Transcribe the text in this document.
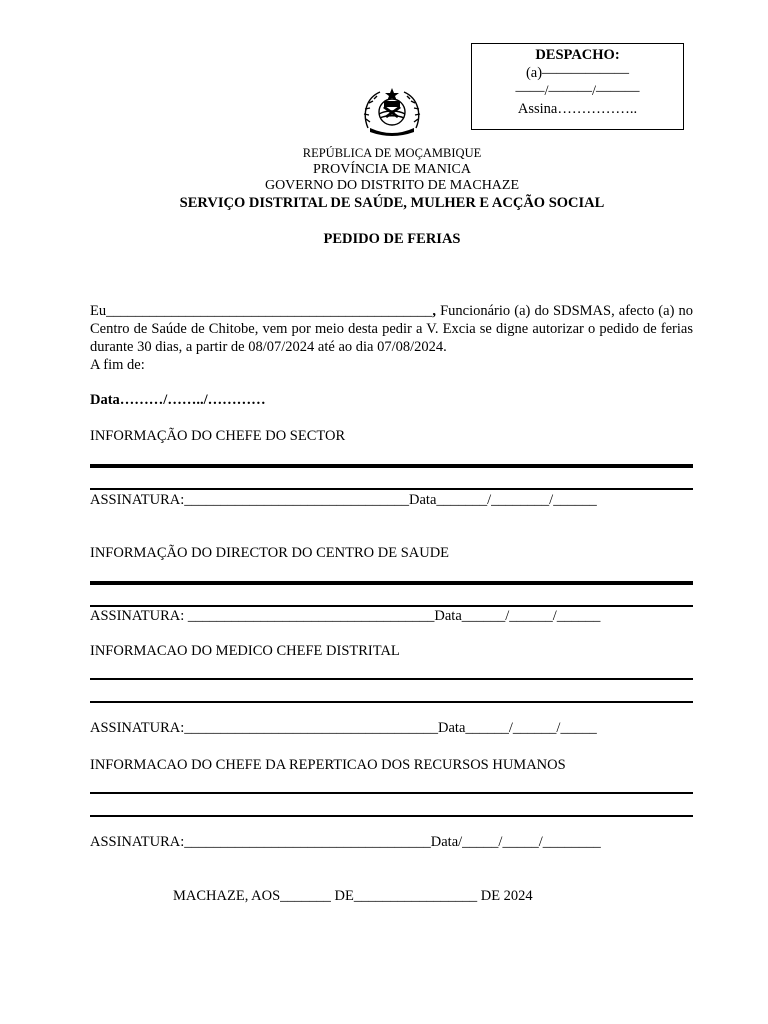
DESPACHO:
(a)——————
——/———/———
Assina……………..
REPÚBLICA DE MOÇAMBIQUE
PROVÍNCIA DE MANICA
GOVERNO DO DISTRITO DE MACHAZE
SERVIÇO DISTRITAL DE SAÚDE, MULHER E ACÇÃO SOCIAL
PEDIDO DE FERIAS
Eu_____________________________________________, Funcionário (a) do SDSMAS, afecto (a) no Centro de Saúde de Chitobe, vem por meio desta pedir a V. Excia se digne autorizar o pedido de ferias durante 30 dias, a partir de 08/07/2024 até ao dia 07/08/2024.
A fim de:
Data………/……../…………
INFORMAÇÃO DO CHEFE DO SECTOR
ASSINATURA:_______________________________Data_______/________/______
INFORMAÇÃO DO DIRECTOR DO CENTRO DE SAUDE
ASSINATURA: __________________________________Data______/______/______
INFORMACAO DO MEDICO CHEFE DISTRITAL
ASSINATURA:___________________________________Data______/______/_____
INFORMACAO DO CHEFE DA REPERTICAO DOS RECURSOS HUMANOS
ASSINATURA:__________________________________Data/_____/_____/________
MACHAZE, AOS_______ DE_________________ DE 2024
